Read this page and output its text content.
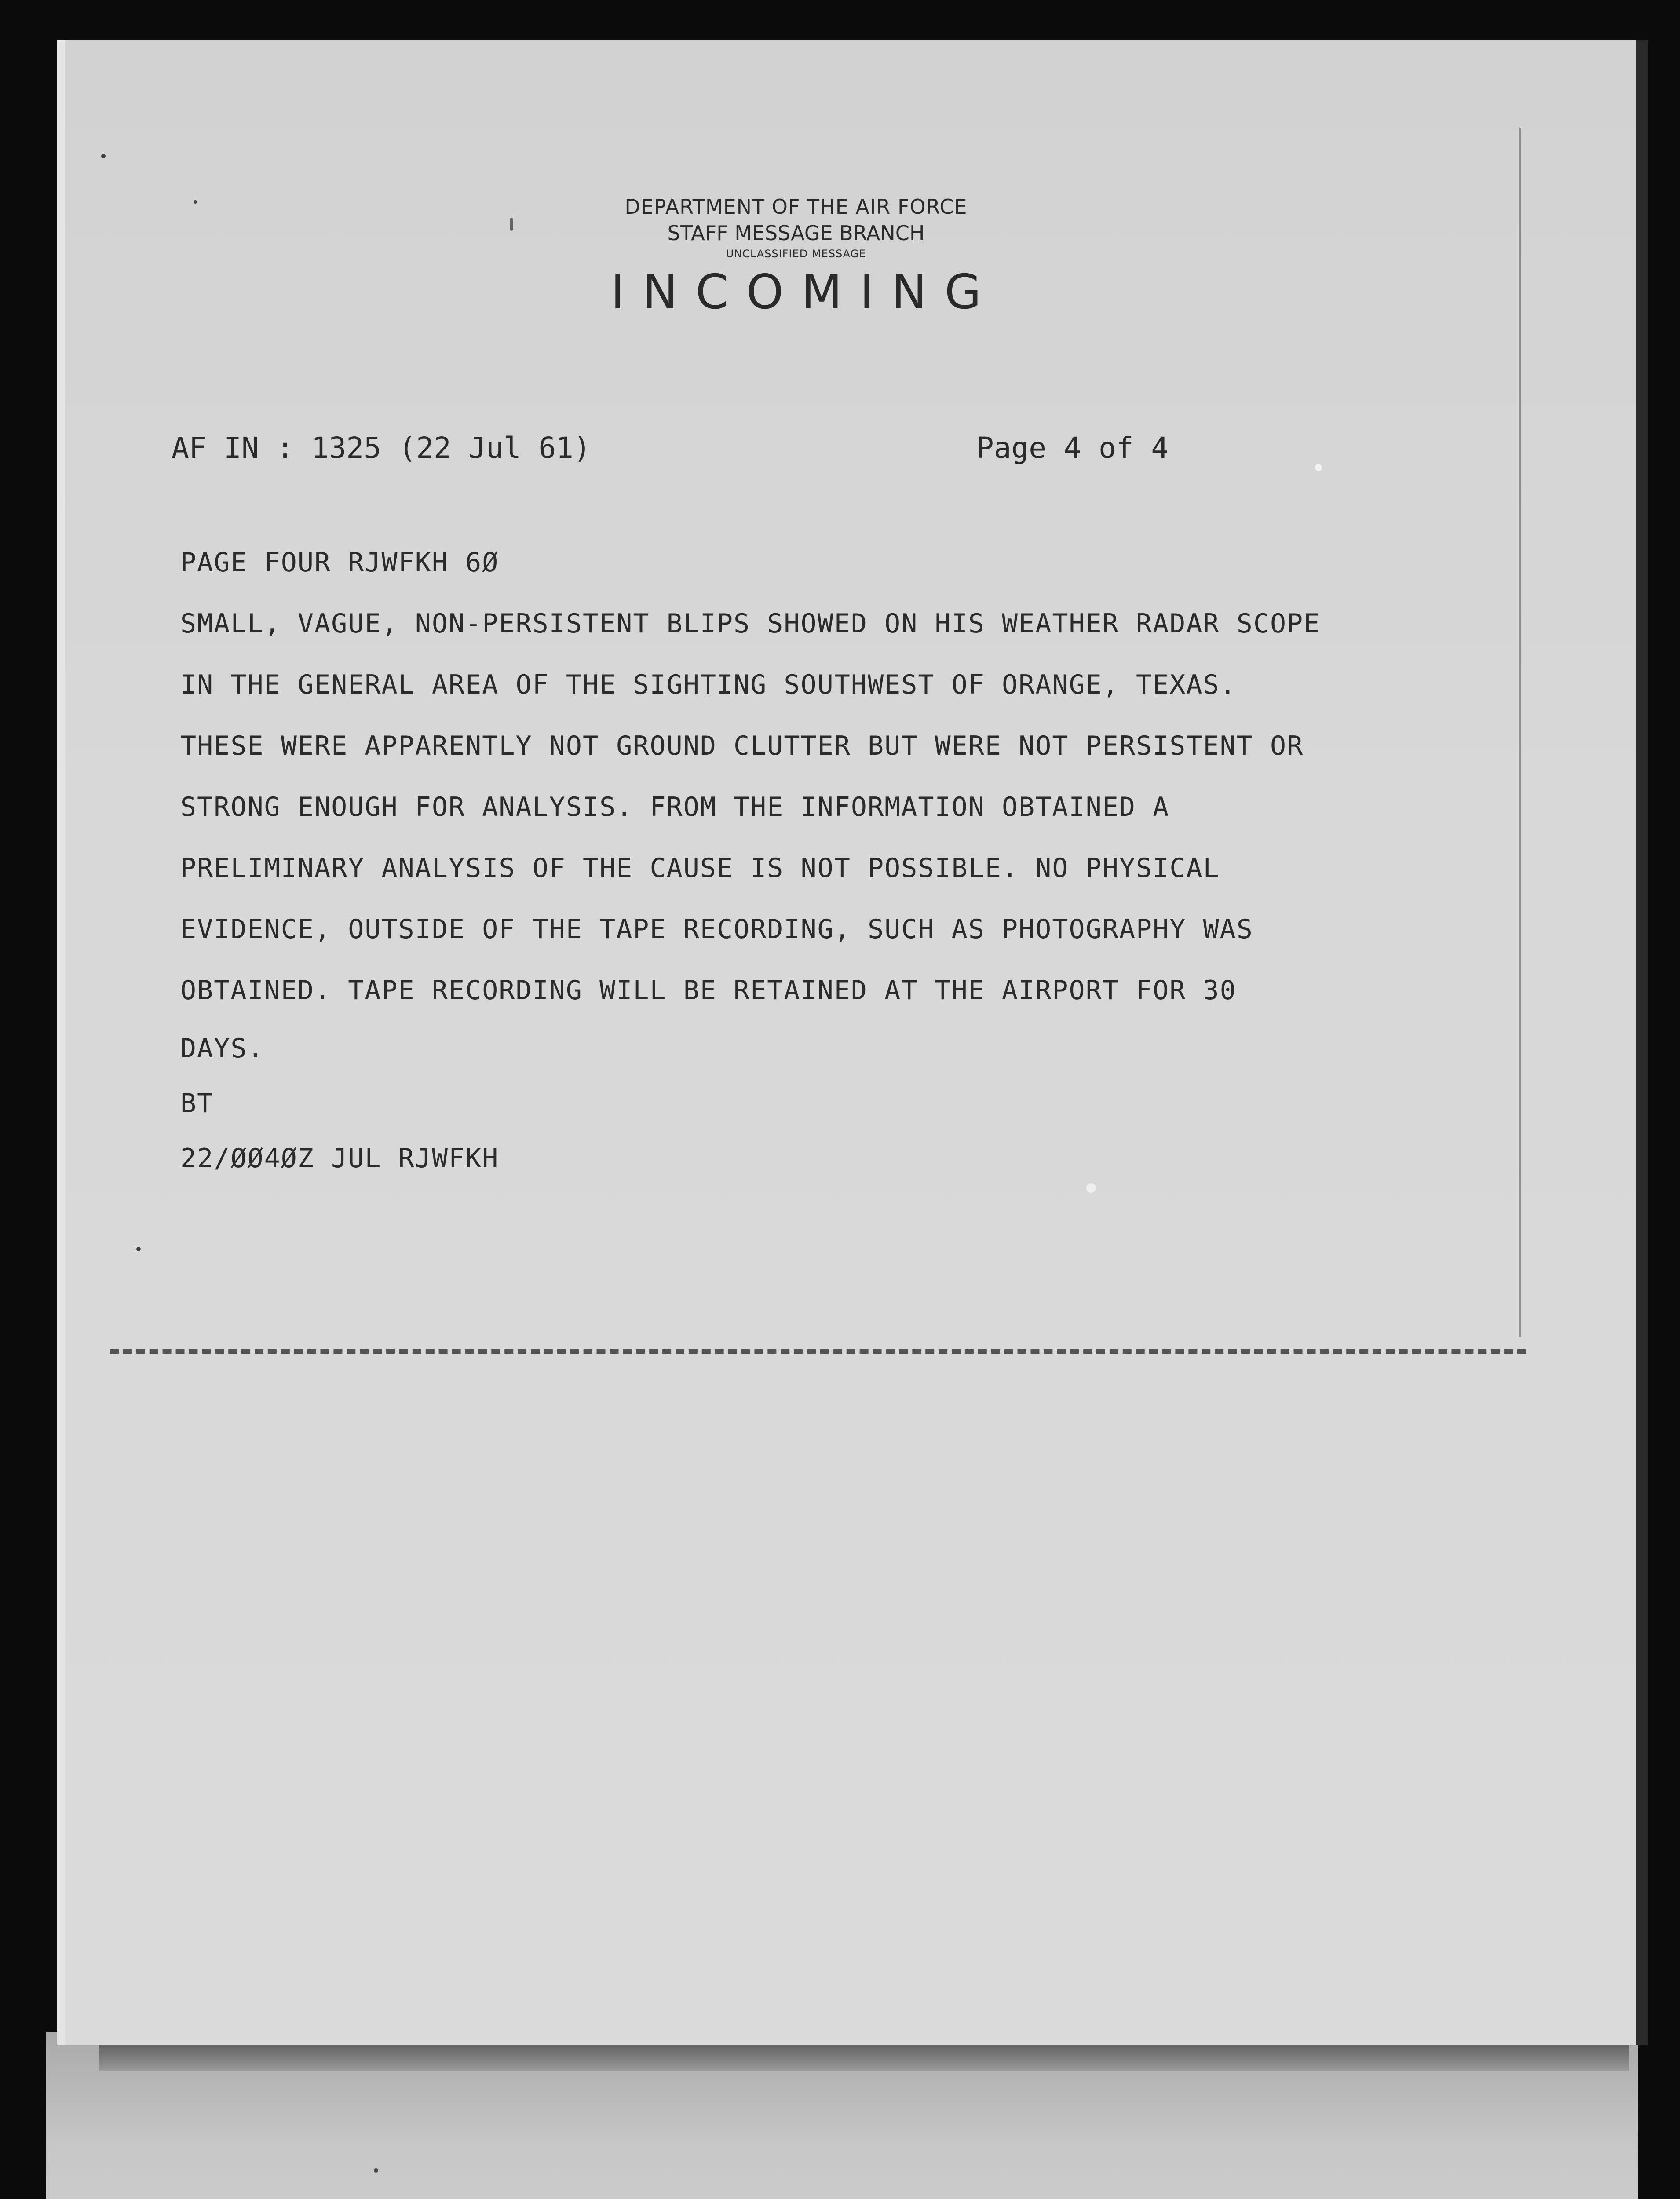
DEPARTMENT OF THE AIR FORCE
STAFF MESSAGE BRANCH
UNCLASSIFIED MESSAGE
INCOMING
AF IN : 1325 (22 Jul 61)	Page 4 of 4
PAGE FOUR RJWFKH 6Ø
SMALL, VAGUE, NON-PERSISTENT BLIPS SHOWED ON HIS WEATHER RADAR SCOPE
IN THE GENERAL AREA OF THE SIGHTING SOUTHWEST OF ORANGE, TEXAS.
THESE WERE APPARENTLY NOT GROUND CLUTTER BUT WERE NOT PERSISTENT OR
STRONG ENOUGH FOR ANALYSIS. FROM THE INFORMATION OBTAINED A
PRELIMINARY ANALYSIS OF THE CAUSE IS NOT POSSIBLE. NO PHYSICAL
EVIDENCE, OUTSIDE OF THE TAPE RECORDING, SUCH AS PHOTOGRAPHY WAS
OBTAINED. TAPE RECORDING WILL BE RETAINED AT THE AIRPORT FOR 30
DAYS.
BT
22/ØØ4ØZ JUL RJWFKH
